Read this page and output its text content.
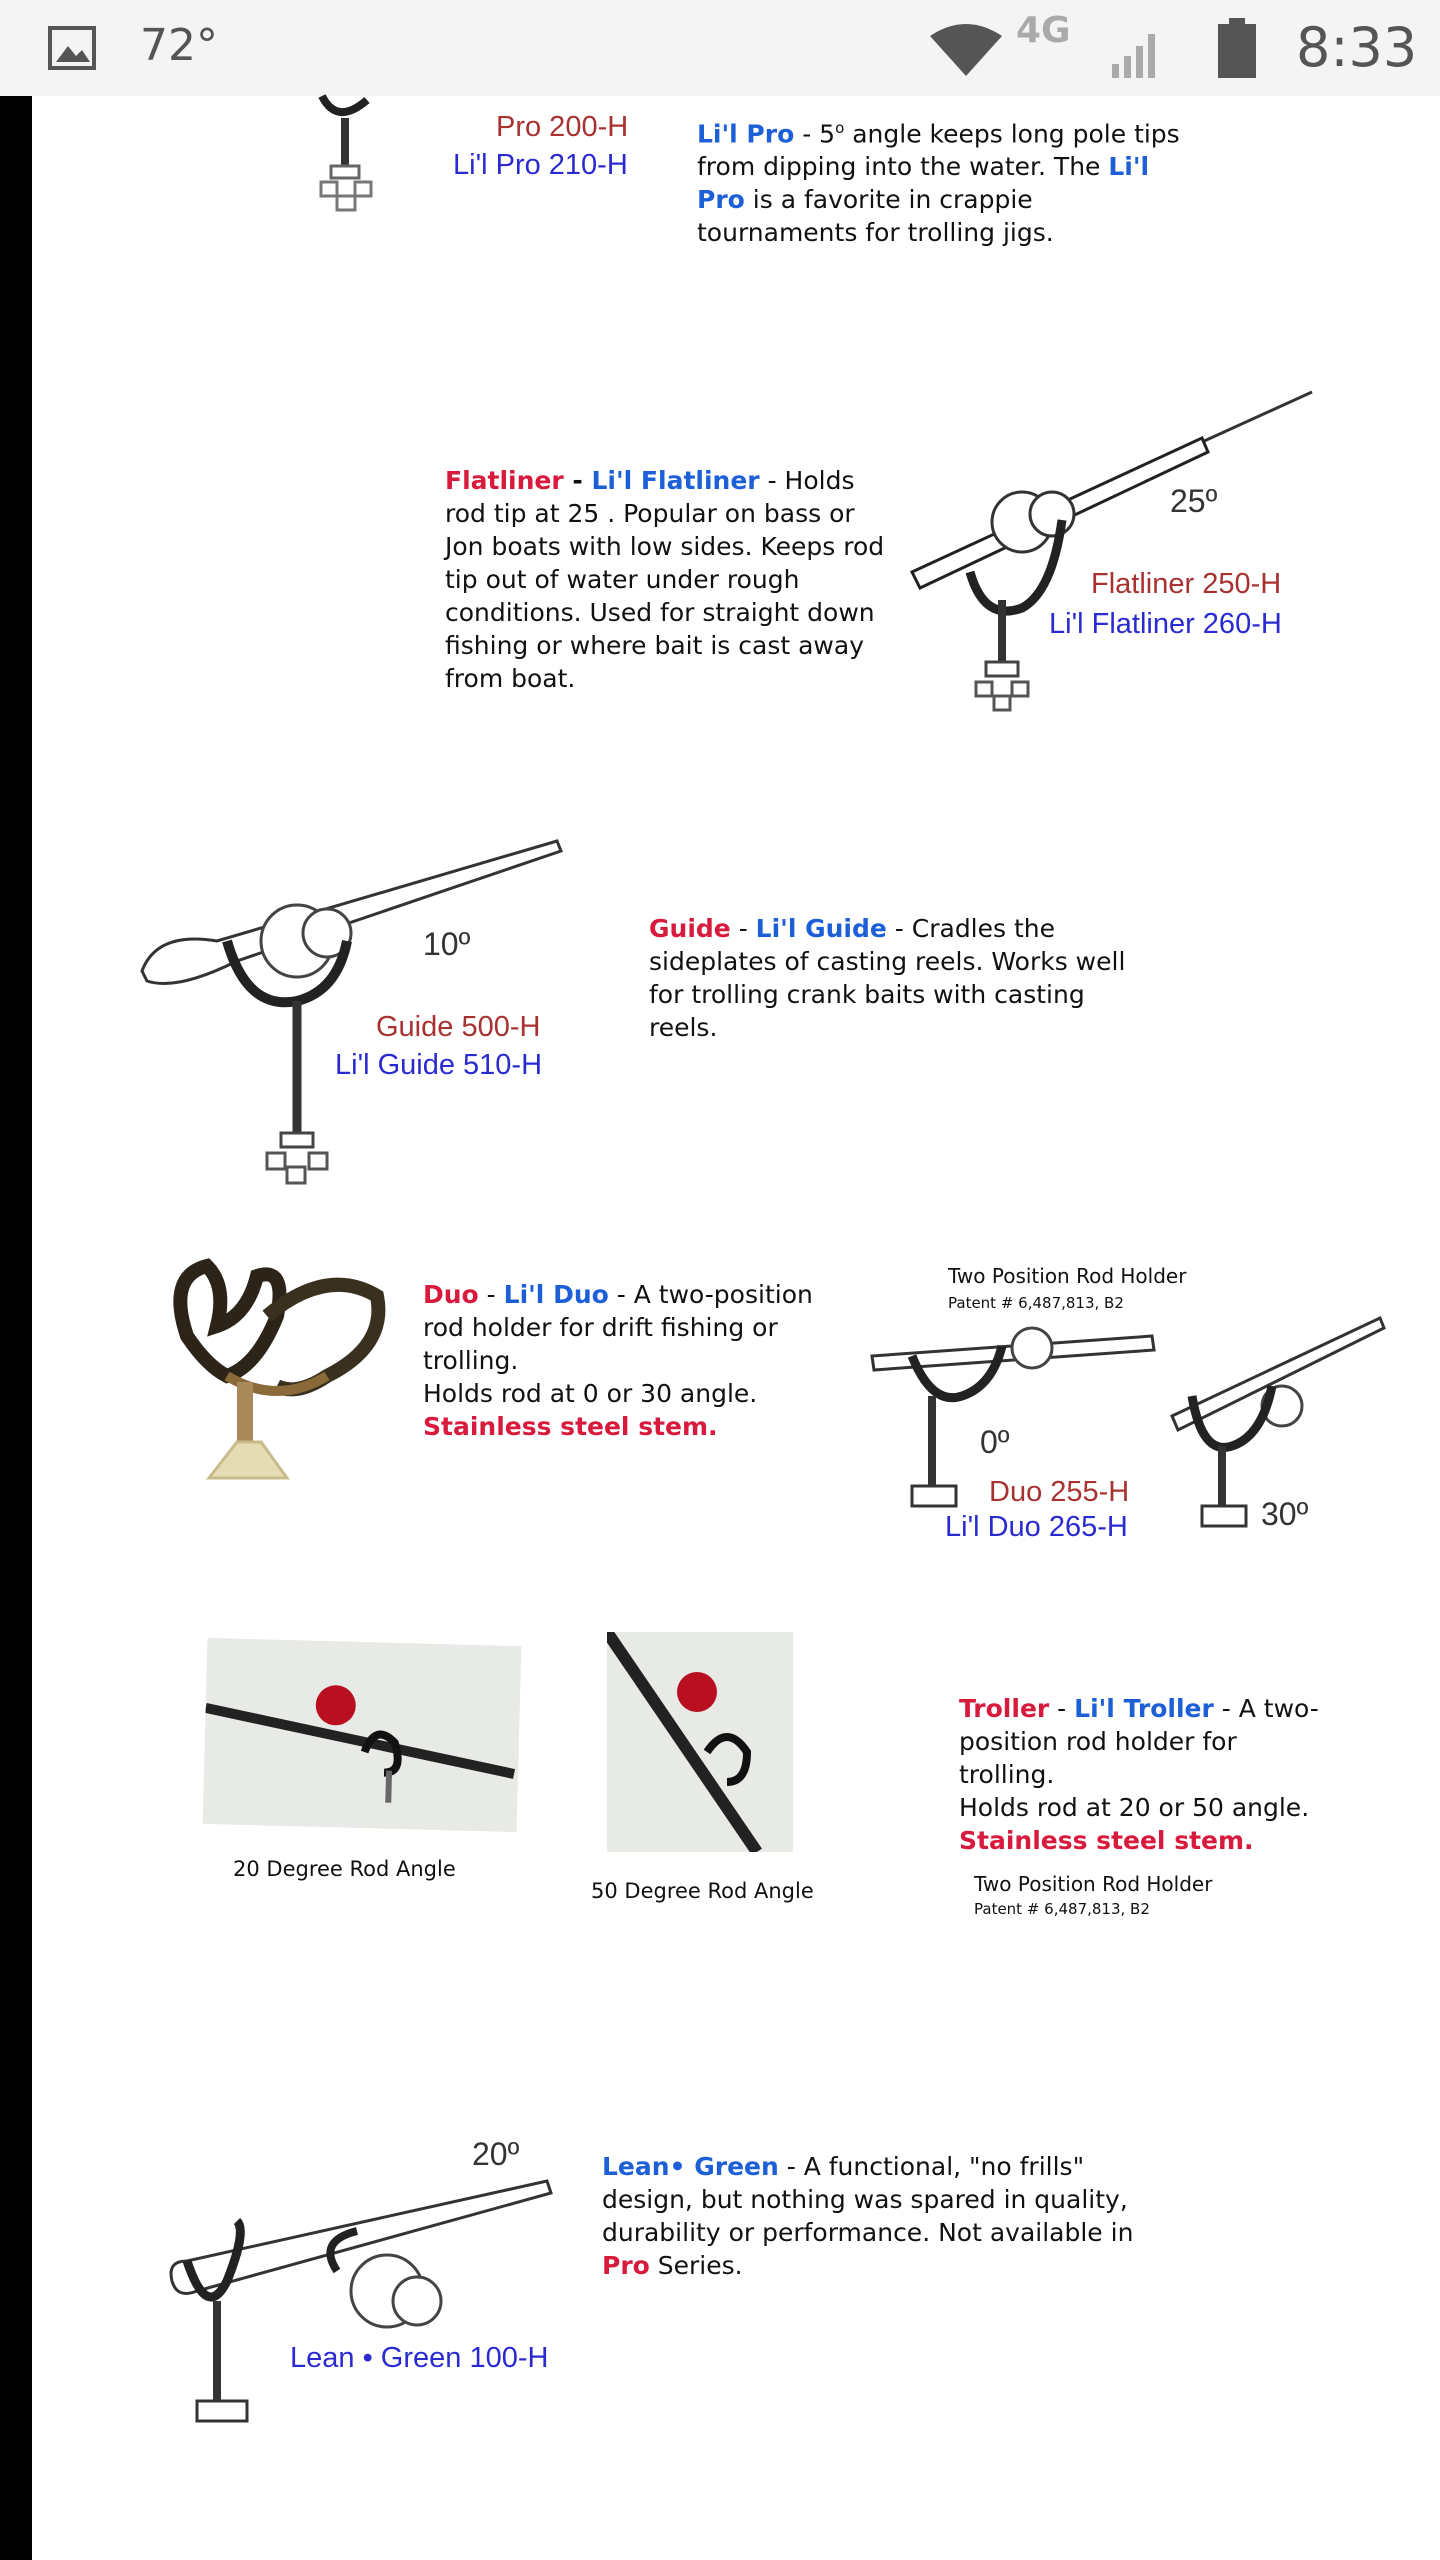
72°	4G	8:33
Pro 200-H
Li'l Pro 210-H
Li'l Pro - 5$^o$ angle keeps long pole tips from dipping into the water. The Li'l Pro is a favorite in crappie tournaments for trolling jigs.
Flatliner - Li'l Flatliner - Holds rod tip at 25 . Popular on bass or Jon boats with low sides. Keeps rod tip out of water under rough conditions. Used for straight down fishing or where bait is cast away from boat.
25º
Flatliner 250-H
Li'l Flatliner 260-H
10º
Guide 500-H
Li'l Guide 510-H
Guide - Li'l Guide - Cradles the sideplates of casting reels. Works well for trolling crank baits with casting reels.
Duo - Li'l Duo - A two-position rod holder for drift fishing or trolling.
Holds rod at 0 or 30 angle.
Stainless steel stem.
Two Position Rod Holder
Patent # 6,487,813, B2
0º
Duo 255-H
Li'l Duo 265-H	30º
20 Degree Rod Angle
50 Degree Rod Angle
Troller - Li'l Troller - A two-position rod holder for trolling.
Holds rod at 20 or 50 angle.
Stainless steel stem.
Two Position Rod Holder
Patent # 6,487,813, B2
20º
Lean • Green 100-H
Lean• Green - A functional, "no frills" design, but nothing was spared in quality, durability or performance. Not available in Pro Series.
